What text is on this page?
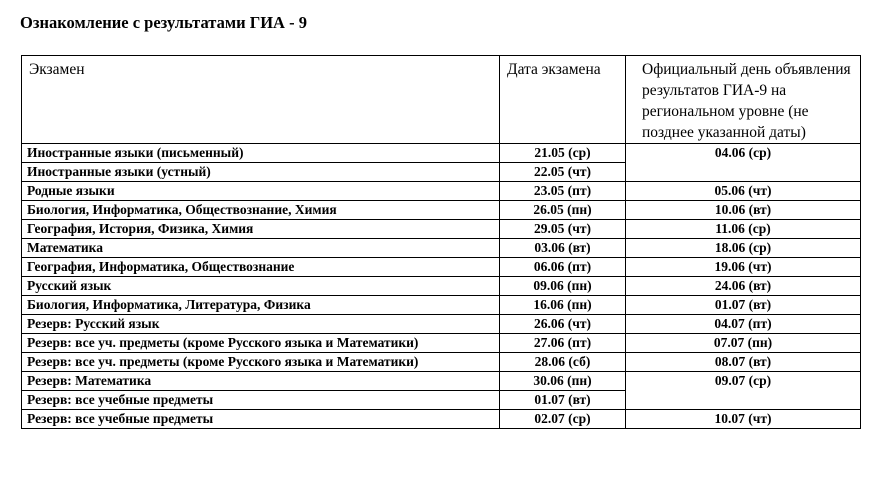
Ознакомление с результатами ГИА - 9
Экзамен	Дата экзамена	Официальный день объявления результатов ГИА-9 на региональном уровне (не позднее указанной даты)
Иностранные языки (письменный)	21.05 (ср)	04.06 (ср)
Иностранные языки (устный)	22.05 (чт)	
Родные языки	23.05 (пт)	05.06 (чт)
Биология, Информатика, Обществознание, Химия	26.05 (пн)	10.06 (вт)
География, История, Физика, Химия	29.05 (чт)	11.06 (ср)
Математика	03.06 (вт)	18.06 (ср)
География, Информатика, Обществознание	06.06 (пт)	19.06 (чт)
Русский язык	09.06 (пн)	24.06 (вт)
Биология, Информатика, Литература, Физика	16.06 (пн)	01.07 (вт)
Резерв: Русский язык	26.06 (чт)	04.07 (пт)
Резерв: все уч. предметы (кроме Русского языка и Математики)	27.06 (пт)	07.07 (пн)
Резерв: все уч. предметы (кроме Русского языка и Математики)	28.06 (сб)	08.07 (вт)
Резерв: Математика	30.06 (пн)	09.07 (ср)
Резерв: все учебные предметы	01.07 (вт)	
Резерв: все учебные предметы	02.07 (ср)	10.07 (чт)
